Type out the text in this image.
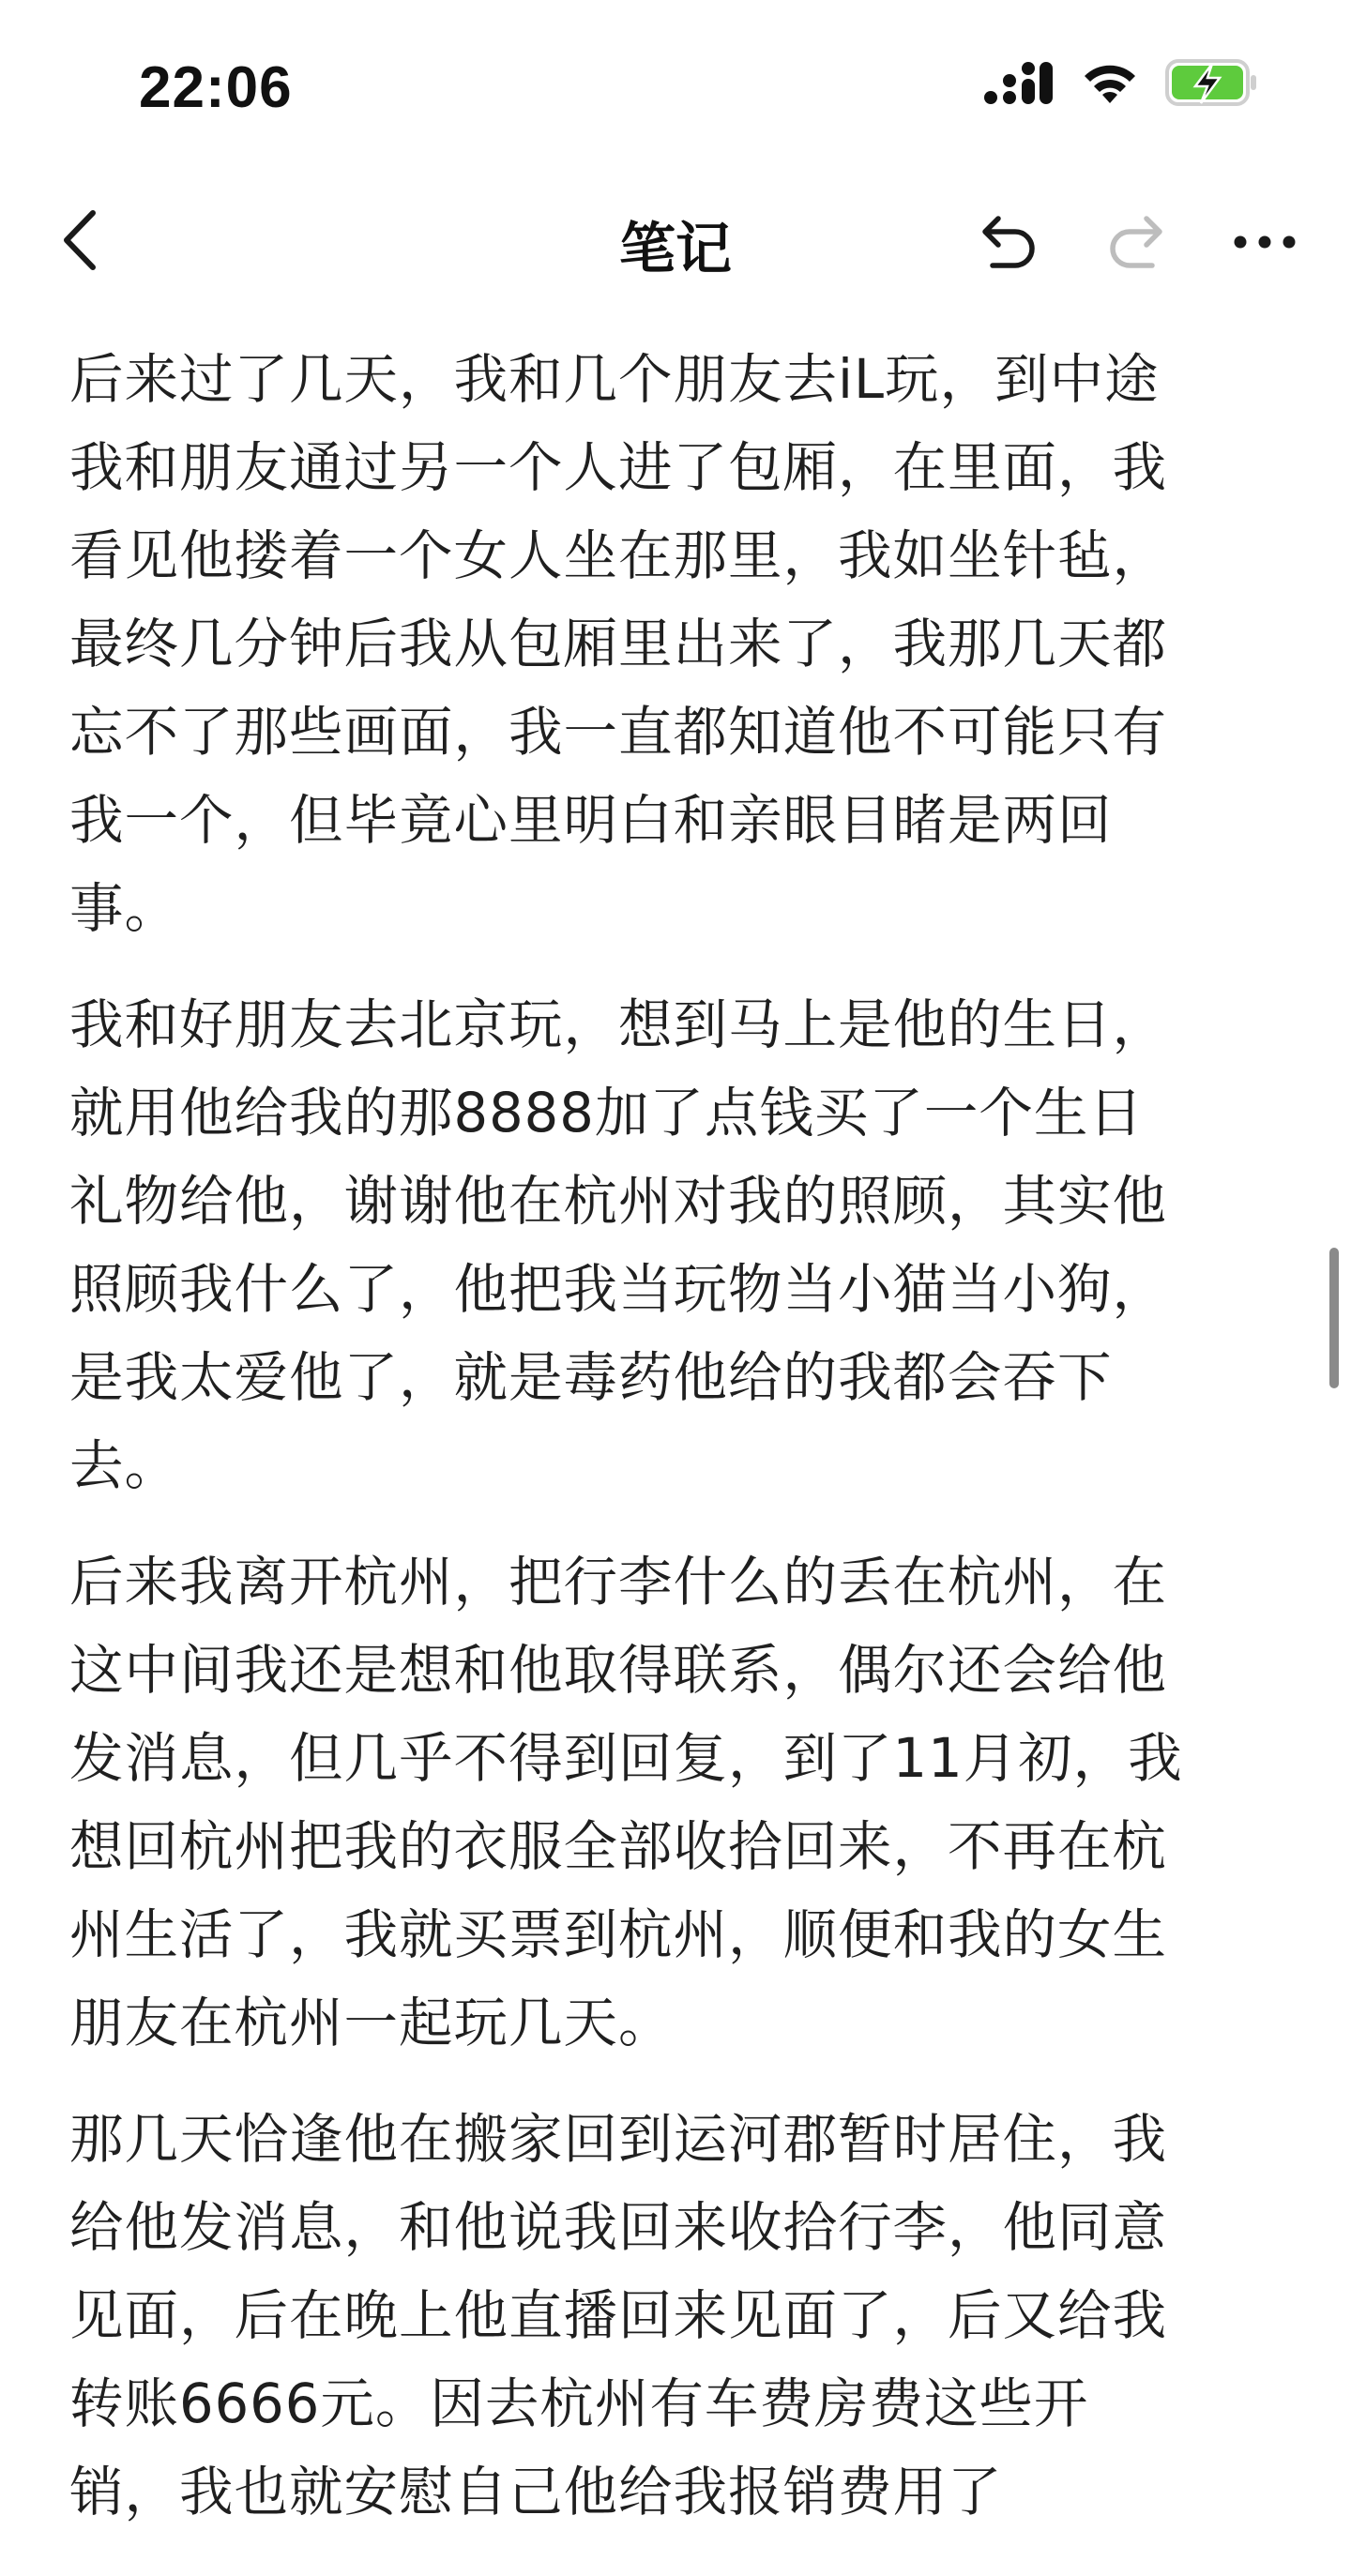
22:06
笔记

后来过了几天，我和几个朋友去iL玩，到中途
我和朋友通过另一个人进了包厢，在里面，我
看见他搂着一个女人坐在那里，我如坐针毡，
最终几分钟后我从包厢里出来了，我那几天都
忘不了那些画面，我一直都知道他不可能只有
我一个，但毕竟心里明白和亲眼目睹是两回
事。

我和好朋友去北京玩，想到马上是他的生日，
就用他给我的那8888加了点钱买了一个生日
礼物给他，谢谢他在杭州对我的照顾，其实他
照顾我什么了，他把我当玩物当小猫当小狗，
是我太爱他了，就是毒药他给的我都会吞下
去。

后来我离开杭州，把行李什么的丢在杭州，在
这中间我还是想和他取得联系，偶尔还会给他
发消息，但几乎不得到回复，到了11月初，我
想回杭州把我的衣服全部收拾回来，不再在杭
州生活了，我就买票到杭州，顺便和我的女生
朋友在杭州一起玩几天。

那几天恰逢他在搬家回到运河郡暂时居住，我
给他发消息，和他说我回来收拾行李，他同意
见面，后在晚上他直播回来见面了，后又给我
转账6666元。因去杭州有车费房费这些开
销，我也就安慰自己他给我报销费用了
